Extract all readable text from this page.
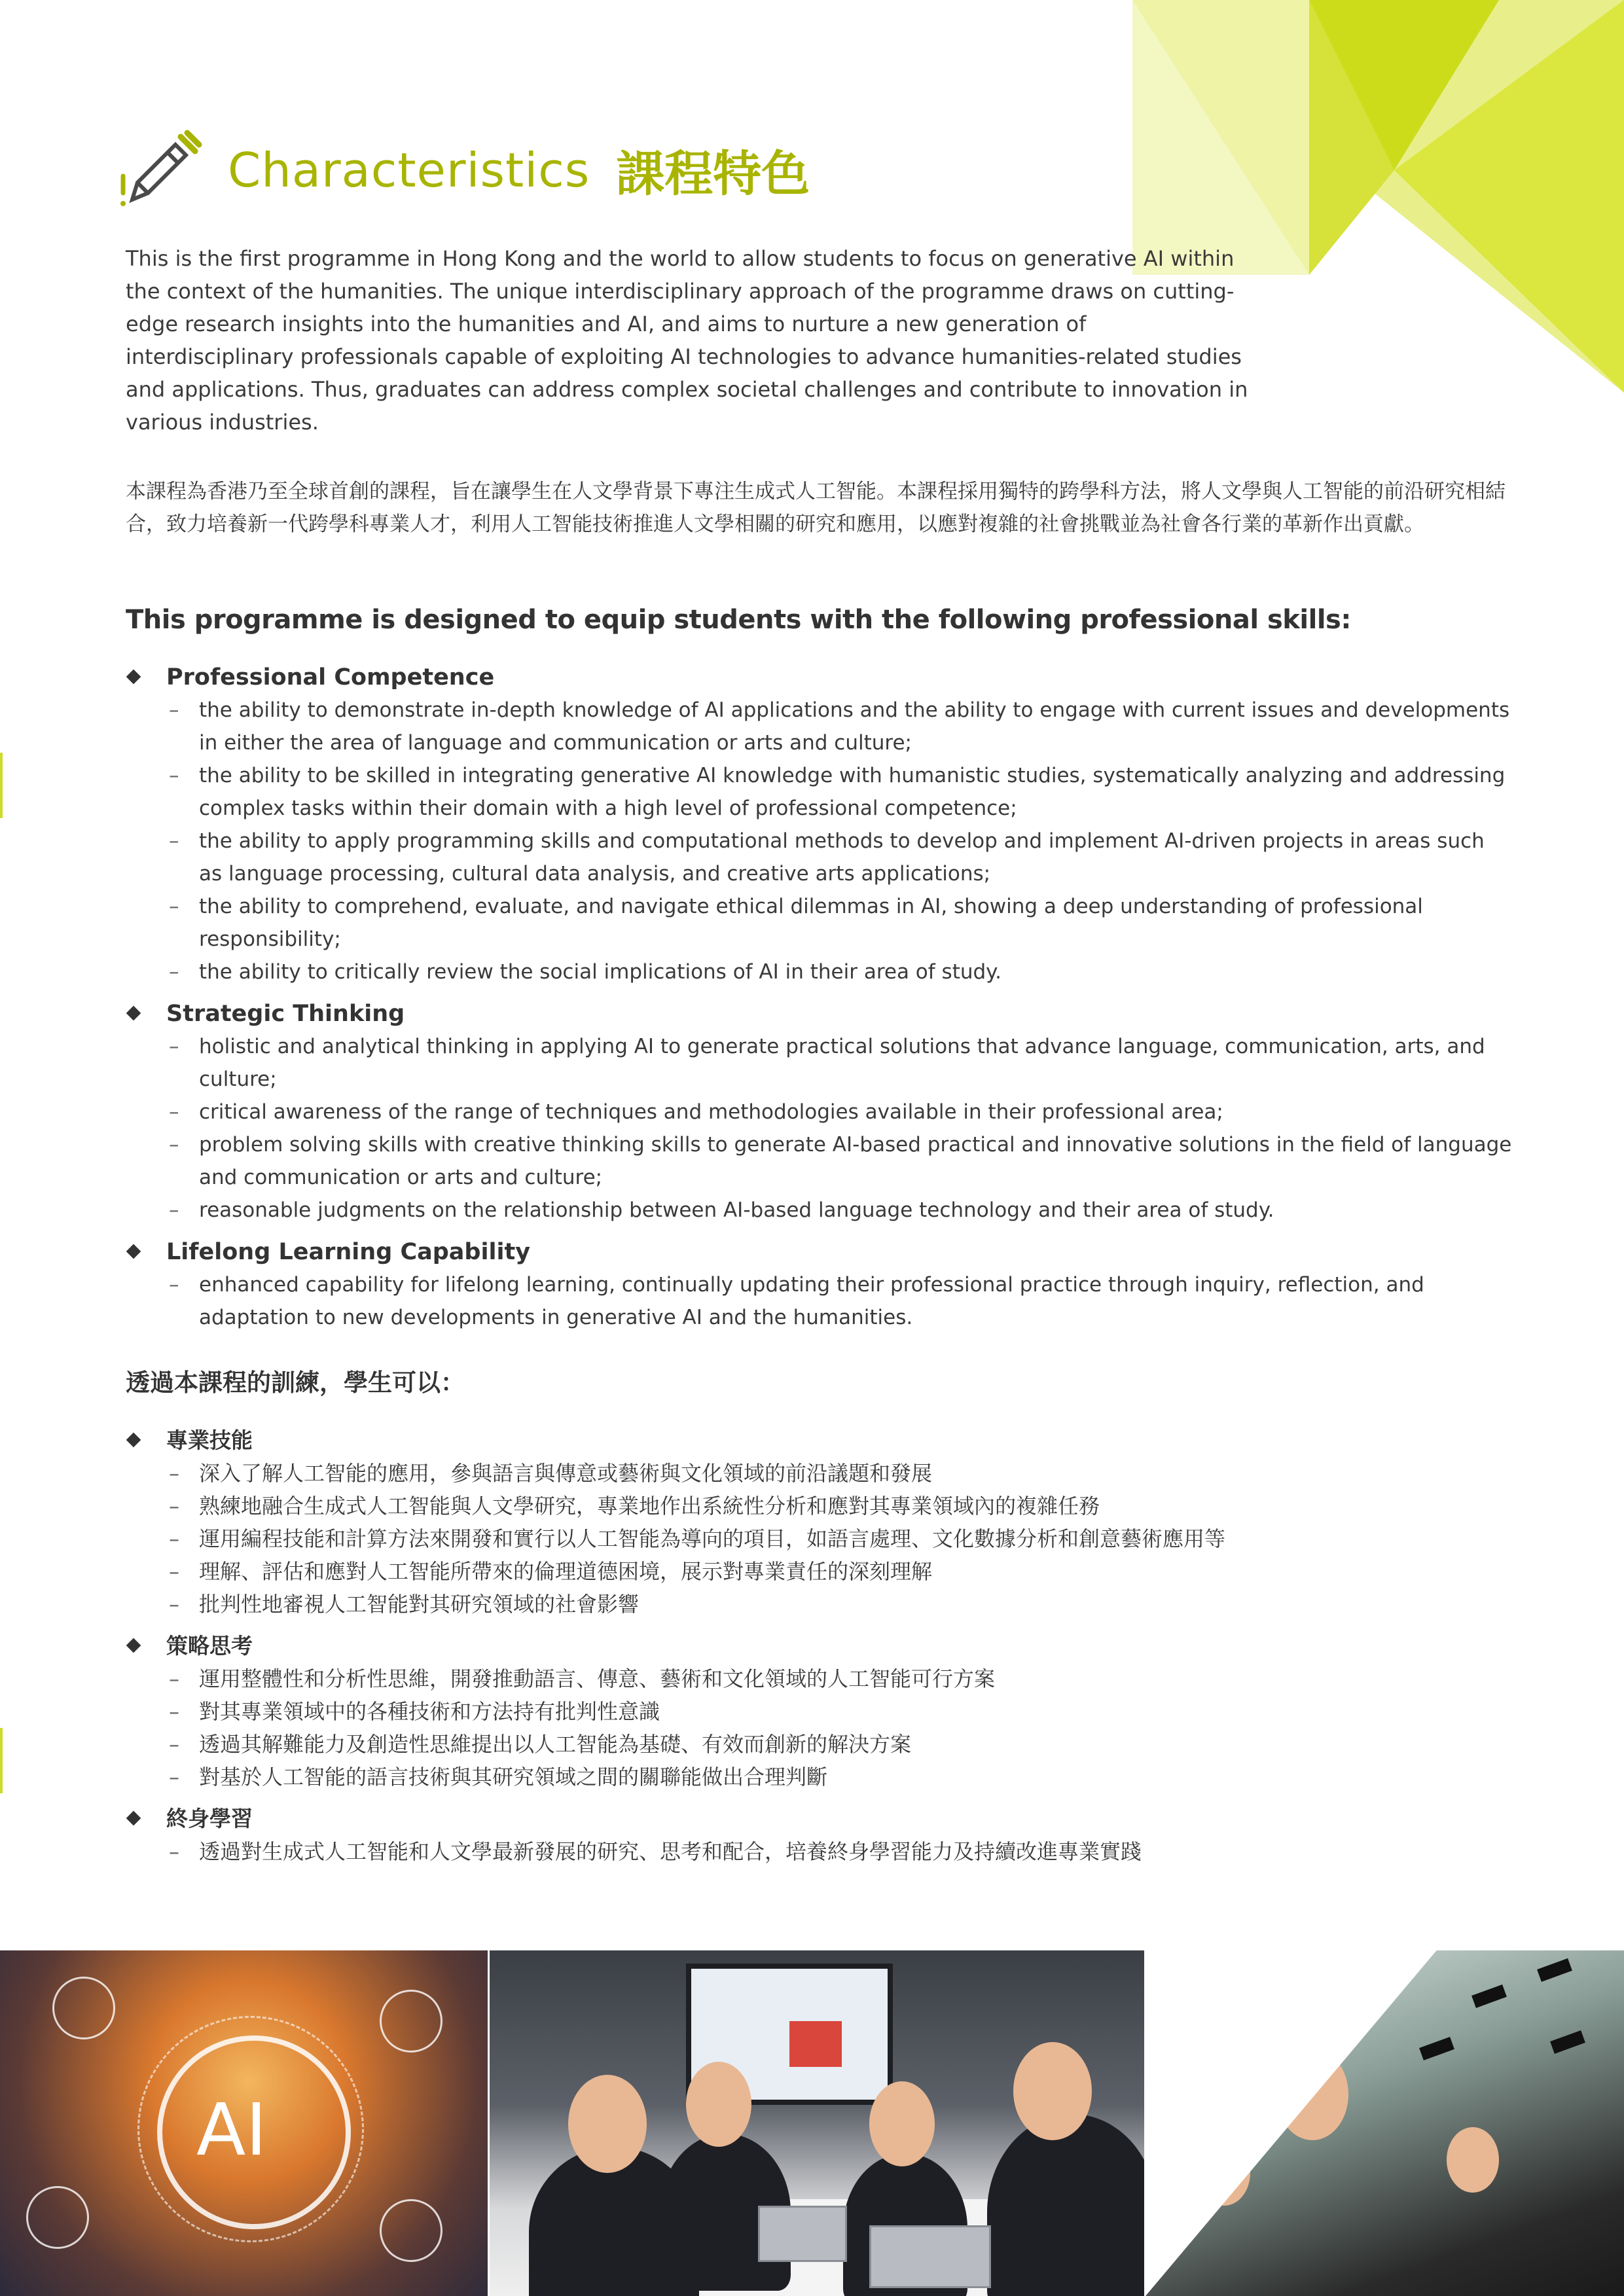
Characteristics 課程特色

This is the first programme in Hong Kong and the world to allow students to focus on generative AI within the context of the humanities. The unique interdisciplinary approach of the programme draws on cutting-edge research insights into the humanities and AI, and aims to nurture a new generation of interdisciplinary professionals capable of exploiting AI technologies to advance humanities-related studies and applications. Thus, graduates can address complex societal challenges and contribute to innovation in various industries.

本課程為香港乃至全球首創的課程，旨在讓學生在人文學背景下專注生成式人工智能。本課程採用獨特的跨學科方法，將人文學與人工智能的前沿研究相結合，致力培養新一代跨學科專業人才，利用人工智能技術推進人文學相關的研究和應用，以應對複雜的社會挑戰並為社會各行業的革新作出貢獻。

This programme is designed to equip students with the following professional skills:
Professional Competence
– the ability to demonstrate in-depth knowledge of AI applications and the ability to engage with current issues and developments in either the area of language and communication or arts and culture;
– the ability to be skilled in integrating generative AI knowledge with humanistic studies, systematically analyzing and addressing complex tasks within their domain with a high level of professional competence;
– the ability to apply programming skills and computational methods to develop and implement AI-driven projects in areas such as language processing, cultural data analysis, and creative arts applications;
– the ability to comprehend, evaluate, and navigate ethical dilemmas in AI, showing a deep understanding of professional responsibility;
– the ability to critically review the social implications of AI in their area of study.
Strategic Thinking
– holistic and analytical thinking in applying AI to generate practical solutions that advance language, communication, arts, and culture;
– critical awareness of the range of techniques and methodologies available in their professional area;
– problem solving skills with creative thinking skills to generate AI-based practical and innovative solutions in the field of language and communication or arts and culture;
– reasonable judgments on the relationship between AI-based language technology and their area of study.
Lifelong Learning Capability
– enhanced capability for lifelong learning, continually updating their professional practice through inquiry, reflection, and adaptation to new developments in generative AI and the humanities.
透過本課程的訓練，學生可以：
專業技能
– 深入了解人工智能的應用，參與語言與傳意或藝術與文化領域的前沿議題和發展
– 熟練地融合生成式人工智能與人文學研究，專業地作出系統性分析和應對其專業領域內的複雜任務
– 運用編程技能和計算方法來開發和實行以人工智能為導向的項目，如語言處理、文化數據分析和創意藝術應用等
– 理解、評估和應對人工智能所帶來的倫理道德困境，展示對專業責任的深刻理解
– 批判性地審視人工智能對其研究領域的社會影響
策略思考
– 運用整體性和分析性思維，開發推動語言、傳意、藝術和文化領域的人工智能可行方案
– 對其專業領域中的各種技術和方法持有批判性意識
– 透過其解難能力及創造性思維提出以人工智能為基礎、有效而創新的解決方案
– 對基於人工智能的語言技術與其研究領域之間的關聯能做出合理判斷
終身學習
– 透過對生成式人工智能和人文學最新發展的研究、思考和配合，培養終身學習能力及持續改進專業實踐
AI
